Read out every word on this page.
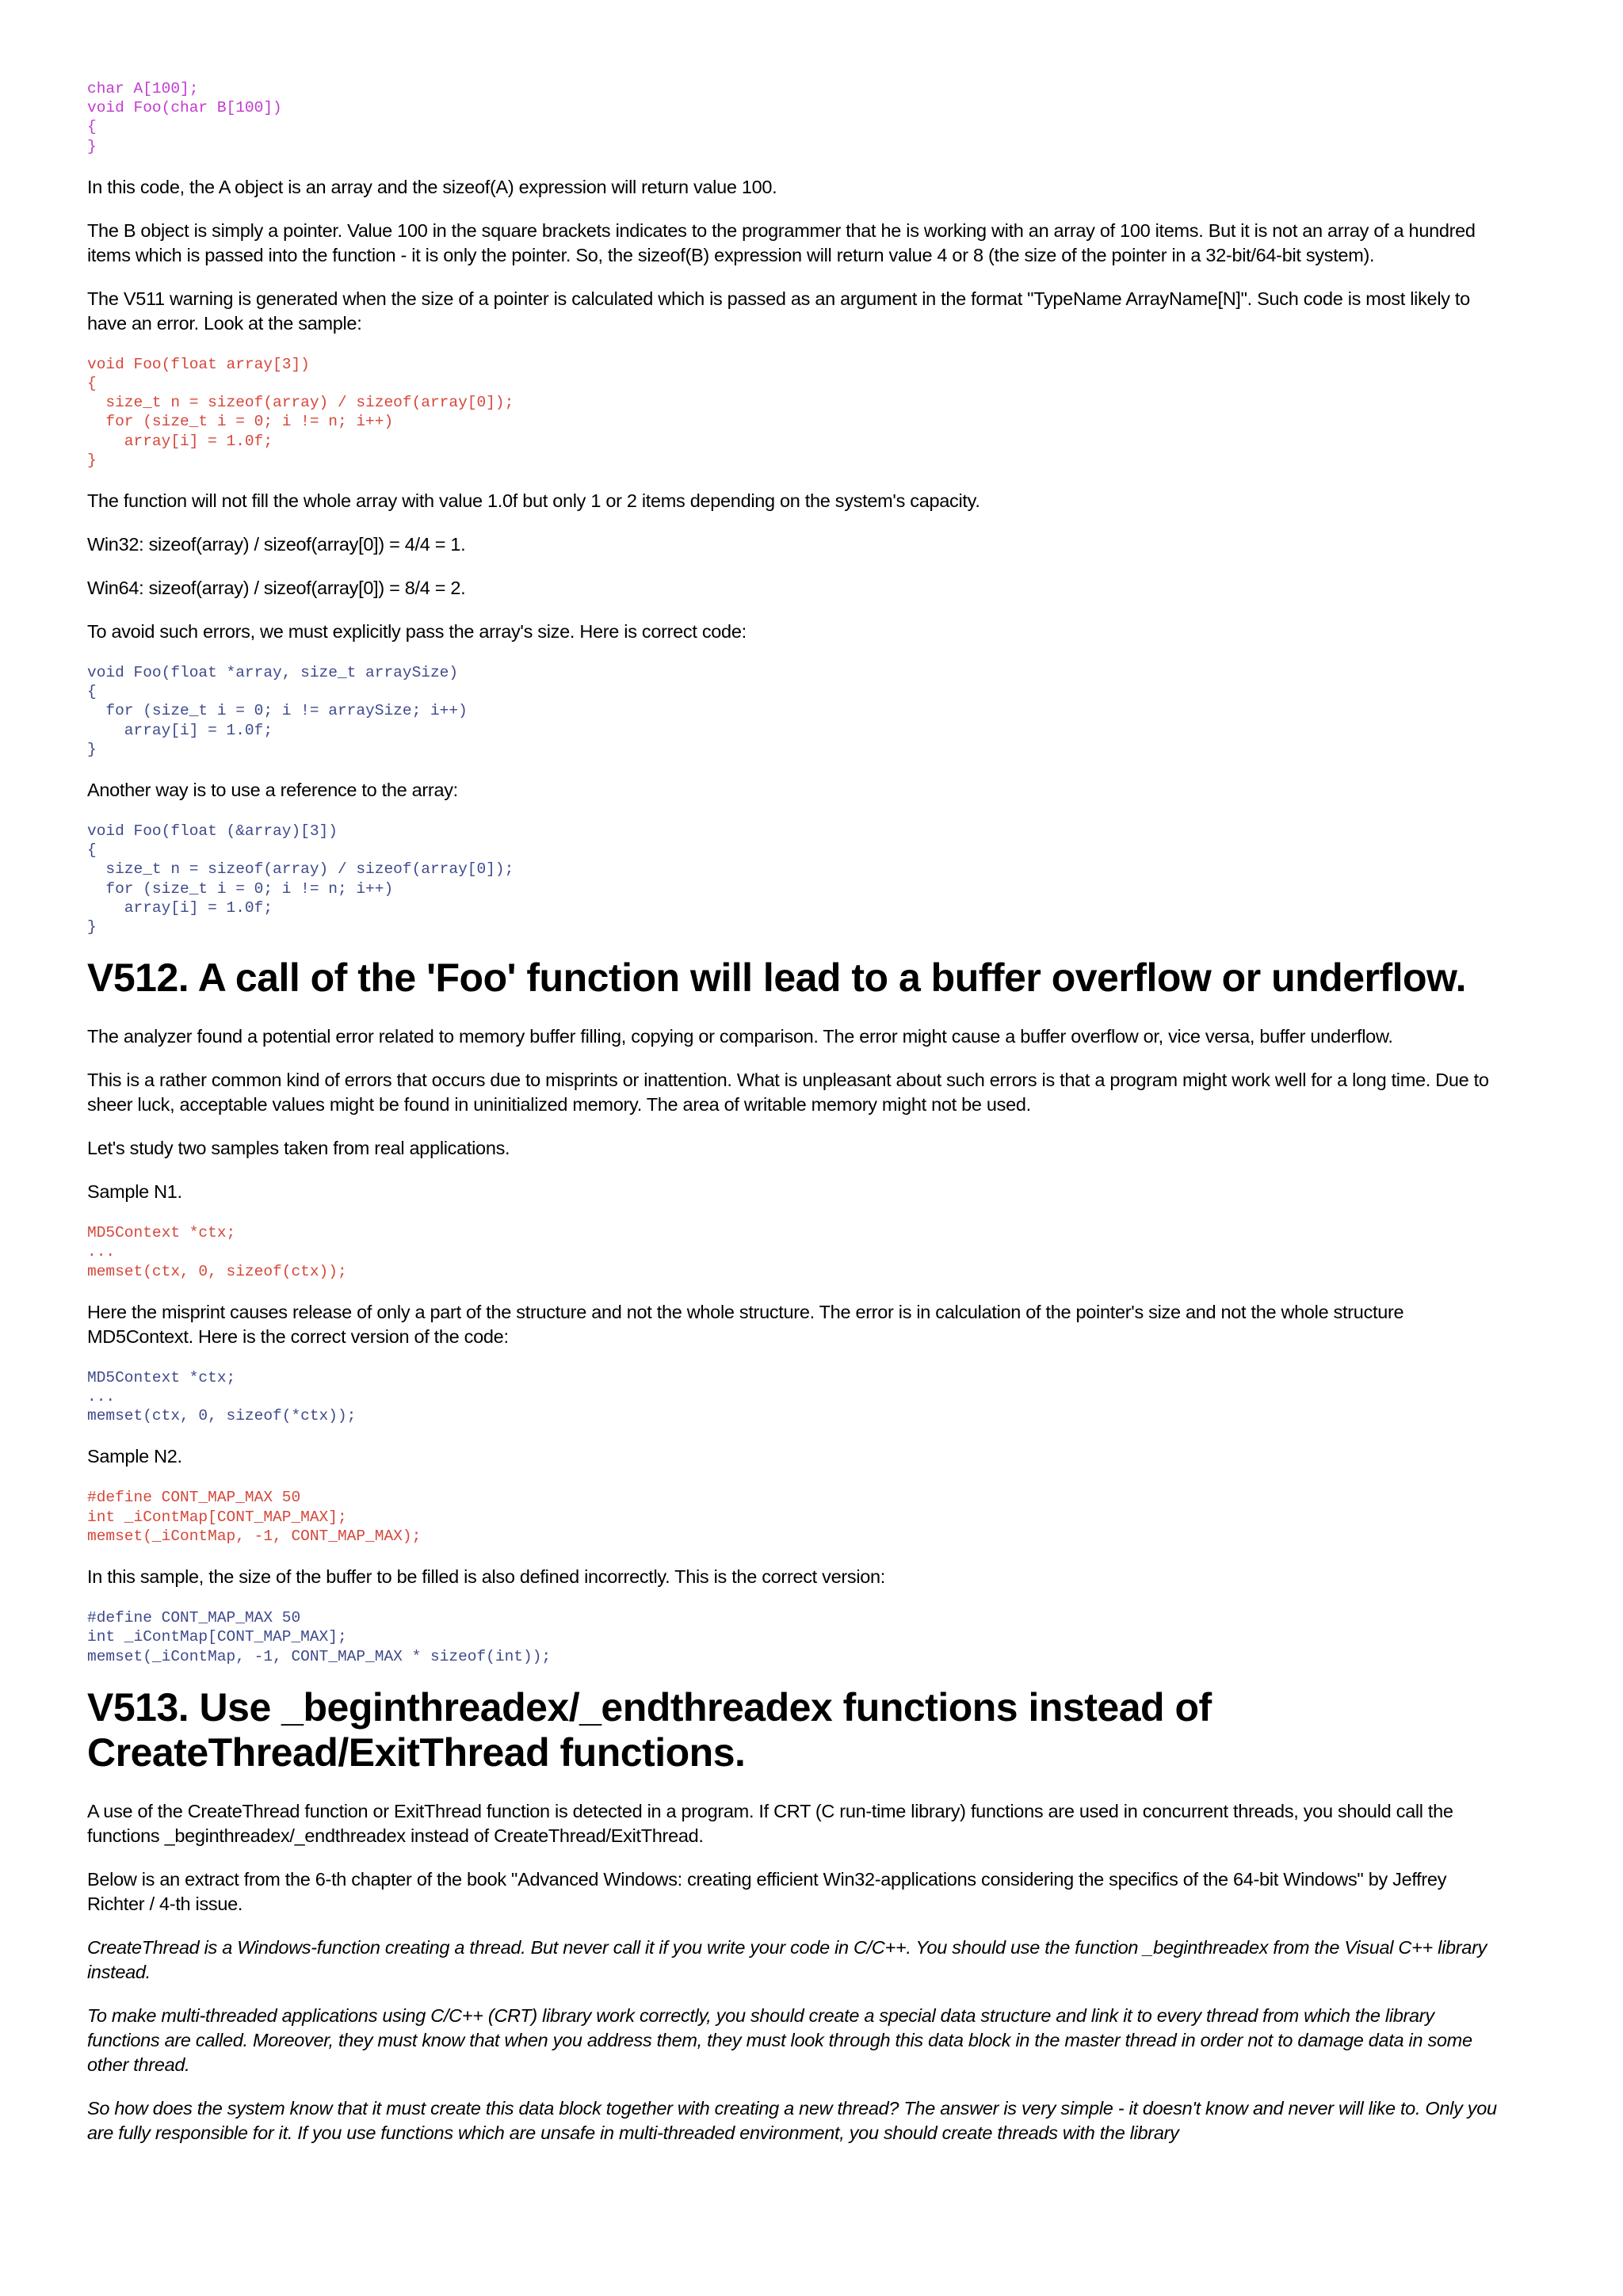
char A[100];
void Foo(char B[100])
{
}

In this code, the A object is an array and the sizeof(A) expression will return value 100.

The B object is simply a pointer. Value 100 in the square brackets indicates to the programmer that he is working with an array of 100 items. But it is not an array of a hundred items which is passed into the function - it is only the pointer. So, the sizeof(B) expression will return value 4 or 8 (the size of the pointer in a 32-bit/64-bit system).

The V511 warning is generated when the size of a pointer is calculated which is passed as an argument in the format "TypeName ArrayName[N]". Such code is most likely to have an error. Look at the sample:

void Foo(float array[3])
{
size_t n = sizeof(array) / sizeof(array[0]);
for (size_t i = 0; i != n; i++)
array[i] = 1.0f;
}

The function will not fill the whole array with value 1.0f but only 1 or 2 items depending on the system's capacity.

Win32: sizeof(array) / sizeof(array[0]) = 4/4 = 1.

Win64: sizeof(array) / sizeof(array[0]) = 8/4 = 2.

To avoid such errors, we must explicitly pass the array's size. Here is correct code:

void Foo(float *array, size_t arraySize)
{
for (size_t i = 0; i != arraySize; i++)
array[i] = 1.0f;
}

Another way is to use a reference to the array:

void Foo(float (&array)[3])
{
size_t n = sizeof(array) / sizeof(array[0]);
for (size_t i = 0; i != n; i++)
array[i] = 1.0f;
}
V512. A call of the 'Foo' function will lead to a buffer overflow or underflow.

The analyzer found a potential error related to memory buffer filling, copying or comparison. The error might cause a buffer overflow or, vice versa, buffer underflow.

This is a rather common kind of errors that occurs due to misprints or inattention. What is unpleasant about such errors is that a program might work well for a long time. Due to sheer luck, acceptable values might be found in uninitialized memory. The area of writable memory might not be used.

Let's study two samples taken from real applications.

Sample N1.

MD5Context *ctx;
...
memset(ctx, 0, sizeof(ctx));

Here the misprint causes release of only a part of the structure and not the whole structure. The error is in calculation of the pointer's size and not the whole structure MD5Context. Here is the correct version of the code:

MD5Context *ctx;
...
memset(ctx, 0, sizeof(*ctx));

Sample N2.

#define CONT_MAP_MAX 50
int _iContMap[CONT_MAP_MAX];
memset(_iContMap, -1, CONT_MAP_MAX);

In this sample, the size of the buffer to be filled is also defined incorrectly. This is the correct version:

#define CONT_MAP_MAX 50
int _iContMap[CONT_MAP_MAX];
memset(_iContMap, -1, CONT_MAP_MAX * sizeof(int));
V513. Use _beginthreadex/_endthreadex functions instead of CreateThread/ExitThread functions.

A use of the CreateThread function or ExitThread function is detected in a program. If CRT (C run-time library) functions are used in concurrent threads, you should call the functions _beginthreadex/_endthreadex instead of CreateThread/ExitThread.

Below is an extract from the 6-th chapter of the book "Advanced Windows: creating efficient Win32-applications considering the specifics of the 64-bit Windows" by Jeffrey Richter / 4-th issue.

CreateThread is a Windows-function creating a thread. But never call it if you write your code in C/C++. You should use the function _beginthreadex from the Visual C++ library instead.

To make multi-threaded applications using C/C++ (CRT) library work correctly, you should create a special data structure and link it to every thread from which the library functions are called. Moreover, they must know that when you address them, they must look through this data block in the master thread in order not to damage data in some other thread.

So how does the system know that it must create this data block together with creating a new thread? The answer is very simple - it doesn't know and never will like to. Only you are fully responsible for it. If you use functions which are unsafe in multi-threaded environment, you should create threads with the library
